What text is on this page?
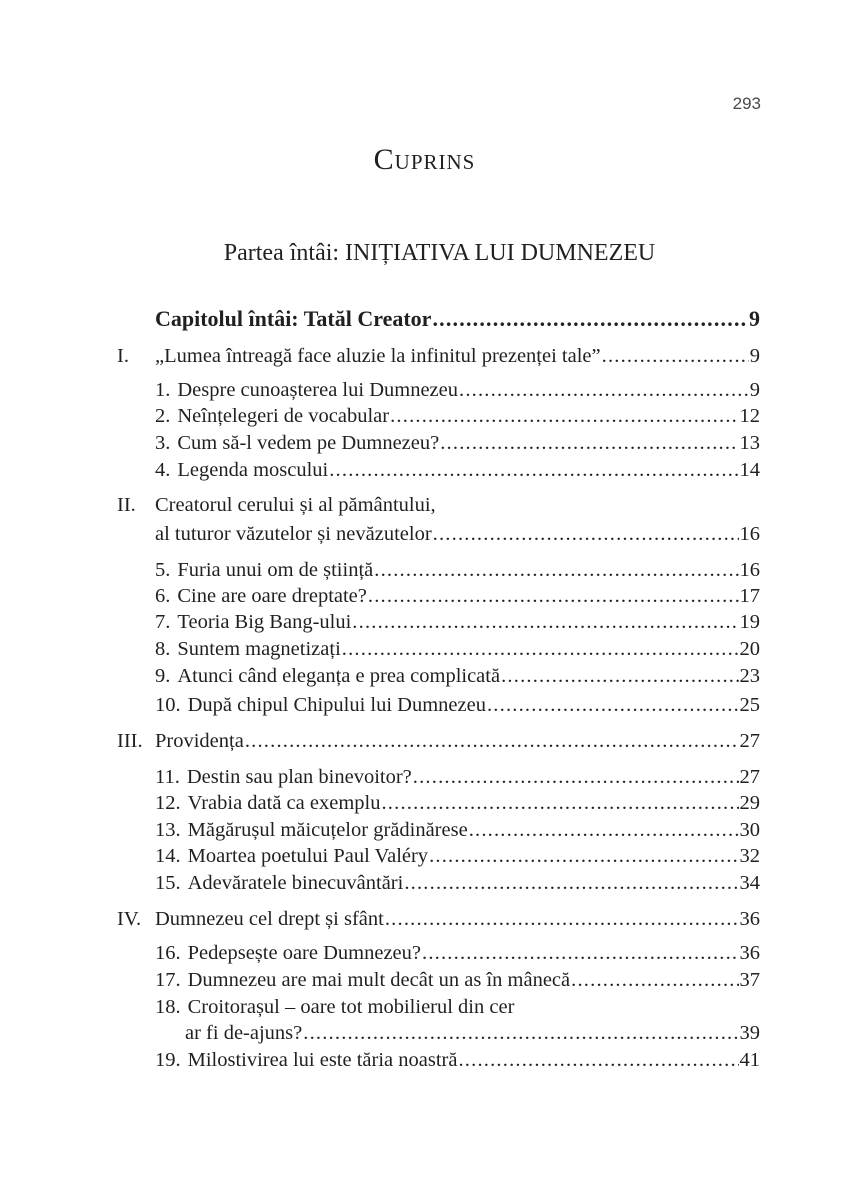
293
Cuprins
Partea întâi: INIȚIATIVA LUI DUMNEZEU
Capitolul întâi: Tatăl Creator .....	9
I. „Lumea întreagă face aluzie la infinitul prezenței tale” .....	9
1. Despre cunoașterea lui Dumnezeu .....	9
2. Neînțelegeri de vocabular .....	12
3. Cum să-l vedem pe Dumnezeu? .....	13
4. Legenda moscului .....	14
II. Creatorul cerului și al pământului,
al tuturor văzutelor și nevăzutelor .....	16
5. Furia unui om de știință .....	16
6. Cine are oare dreptate? .....	17
7. Teoria Big Bang-ului .....	19
8. Suntem magnetizați .....	20
9. Atunci când eleganța e prea complicată .....	23
10. După chipul Chipului lui Dumnezeu .....	25
III. Providența .....	27
11. Destin sau plan binevoitor? .....	27
12. Vrabia dată ca exemplu .....	29
13. Măgărușul măicuțelor grădinărese .....	30
14. Moartea poetului Paul Valéry .....	32
15. Adevăratele binecuvântări .....	34
IV. Dumnezeu cel drept și sfânt .....	36
16. Pedepsește oare Dumnezeu? .....	36
17. Dumnezeu are mai mult decât un as în mânecă .....	37
18. Croitorașul – oare tot mobilierul din cer
ar fi de-ajuns? .....	39
19. Milostivirea lui este tăria noastră .....	41
